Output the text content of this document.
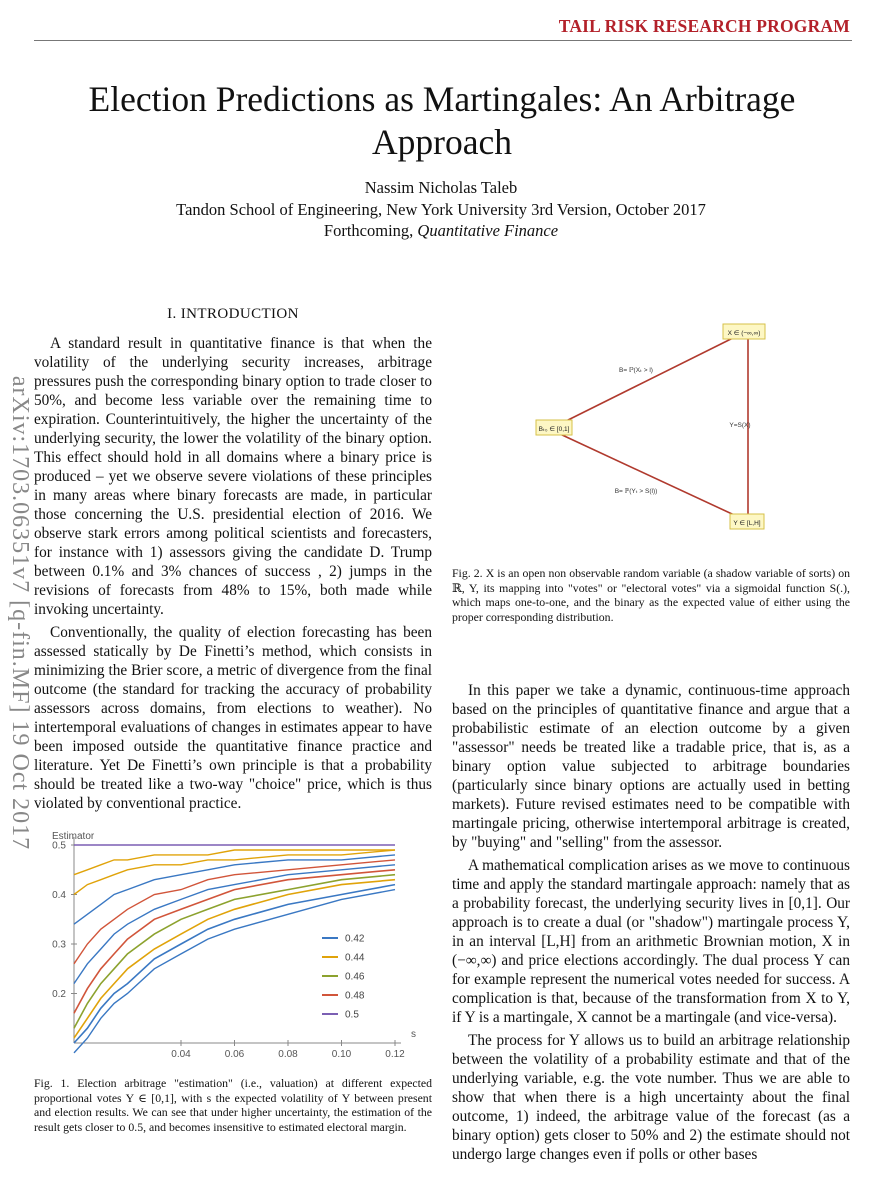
TAIL RISK RESEARCH PROGRAM
Election Predictions as Martingales: An Arbitrage
Approach
Nassim Nicholas Taleb
Tandon School of Engineering, New York University 3rd Version, October 2017
Forthcoming, Quantitative Finance
arXiv:1703.06351v7 [q-fin.MF] 19 Oct 2017
I. INTRODUCTION

A standard result in quantitative finance is that when the volatility of the underlying security increases, arbitrage pressures push the corresponding binary option to trade closer to 50%, and become less variable over the remaining time to expiration. Counterintuitively, the higher the uncertainty of the underlying security, the lower the volatility of the binary option. This effect should hold in all domains where a binary price is produced – yet we observe severe violations of these principles in many areas where binary forecasts are made, in particular those concerning the U.S. presidential election of 2016. We observe stark errors among political scientists and forecasters, for instance with 1) assessors giving the candidate D. Trump between 0.1% and 3% chances of success , 2) jumps in the revisions of forecasts from 48% to 15%, both made while invoking uncertainty.

Conventionally, the quality of election forecasting has been assessed statically by De Finetti’s method, which consists in minimizing the Brier score, a metric of divergence from the final outcome (the standard for tracking the accuracy of probability assessors across domains, from elections to weather). No intertemporal evaluations of changes in estimates appear to have been imposed outside the quantitative finance practice and literature. Yet De Finetti’s own principle is that a probability should be treated like a two-way "choice" price, which is thus violated by conventional practice.

Estimator
s
0.2
0.3
0.4
0.5
0.04	0.06	0.08	0.10	0.12
0.42
0.44
0.46
0.48
0.5
Fig. 1. Election arbitrage "estimation" (i.e., valuation) at different expected proportional votes Y ∈ [0,1], with s the expected volatility of Y between present and election results. We can see that under higher uncertainty, the estimation of the result gets closer to 0.5, and becomes insensitive to estimated electoral margin.
X ∈ (−∞,∞)
Bₜ₀ ∈ [0,1]
Y ∈ [L,H]
B= ℙ(Xₜ > l)
Y=S(X)
B= ℙ(Yₜ > S(l))
Fig. 2. X is an open non observable random variable (a shadow variable of sorts) on ℝ, Y, its mapping into "votes" or "electoral votes" via a sigmoidal function S(.), which maps one-to-one, and the binary as the expected value of either using the proper corresponding distribution.

In this paper we take a dynamic, continuous-time approach based on the principles of quantitative finance and argue that a probabilistic estimate of an election outcome by a given "assessor" needs be treated like a tradable price, that is, as a binary option value subjected to arbitrage boundaries (particularly since binary options are actually used in betting markets). Future revised estimates need to be compatible with martingale pricing, otherwise intertemporal arbitrage is created, by "buying" and "selling" from the assessor.

A mathematical complication arises as we move to continuous time and apply the standard martingale approach: namely that as a probability forecast, the underlying security lives in [0,1]. Our approach is to create a dual (or "shadow") martingale process Y, in an interval [L,H] from an arithmetic Brownian motion, X in (−∞,∞) and price elections accordingly. The dual process Y can for example represent the numerical votes needed for success. A complication is that, because of the transformation from X to Y, if Y is a martingale, X cannot be a martingale (and vice-versa).

The process for Y allows us to build an arbitrage relationship between the volatility of a probability estimate and that of the underlying variable, e.g. the vote number. Thus we are able to show that when there is a high uncertainty about the final outcome, 1) indeed, the arbitrage value of the forecast (as a binary option) gets closer to 50% and 2) the estimate should not undergo large changes even if polls or other bases
